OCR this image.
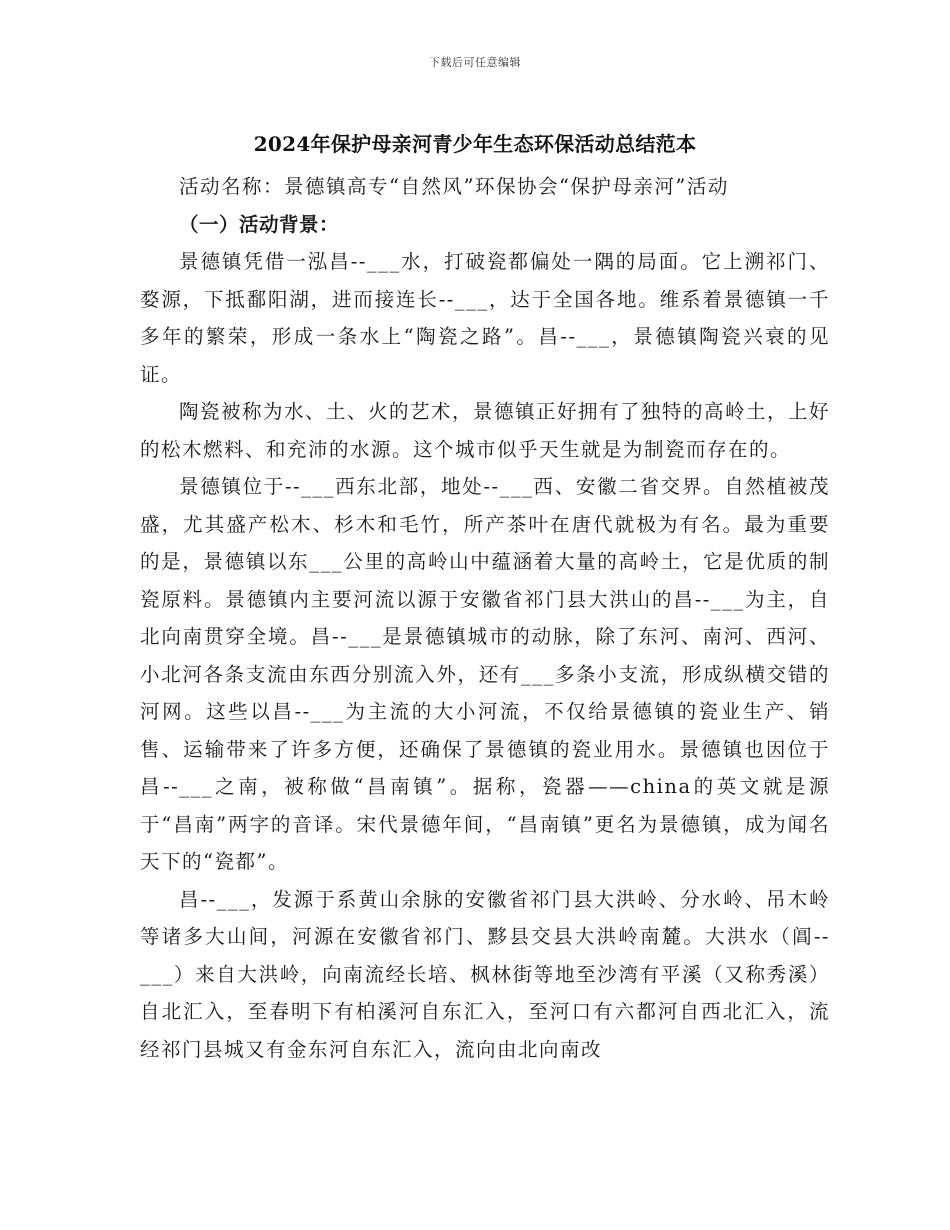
下载后可任意编辑
2024年保护母亲河青少年生态环保活动总结范本

活动名称：景德镇高专“自然风”环保协会“保护母亲河”活动

（一）活动背景：

景德镇凭借一泓昌--___水，打破瓷都偏处一隅的局面。它上溯祁门、婺源，下抵鄱阳湖，进而接连长--___，达于全国各地。维系着景德镇一千多年的繁荣，形成一条水上“陶瓷之路”。昌--___，景德镇陶瓷兴衰的见证。

陶瓷被称为水、土、火的艺术，景德镇正好拥有了独特的高岭土，上好的松木燃料、和充沛的水源。这个城市似乎天生就是为制瓷而存在的。

景德镇位于--___西东北部，地处--___西、安徽二省交界。自然植被茂盛，尤其盛产松木、杉木和毛竹，所产茶叶在唐代就极为有名。最为重要的是，景德镇以东___公里的高岭山中蕴涵着大量的高岭土，它是优质的制瓷原料。景德镇内主要河流以源于安徽省祁门县大洪山的昌--___为主，自北向南贯穿全境。昌--___是景德镇城市的动脉，除了东河、南河、西河、小北河各条支流由东西分别流入外，还有___多条小支流，形成纵横交错的河网。这些以昌--___为主流的大小河流，不仅给景德镇的瓷业生产、销售、运输带来了许多方便，还确保了景德镇的瓷业用水。景德镇也因位于昌--___之南，被称做“昌南镇”。据称，瓷器——china的英文就是源于“昌南”两字的音译。宋代景德年间，“昌南镇”更名为景德镇，成为闻名天下的“瓷都”。

昌--___，发源于系黄山余脉的安徽省祁门县大洪岭、分水岭、吊木岭等诸多大山间，河源在安徽省祁门、黟县交县大洪岭南麓。大洪水（阊--___）来自大洪岭，向南流经长培、枫林街等地至沙湾有平溪（又称秀溪）自北汇入，至春明下有柏溪河自东汇入，至河口有六都河自西北汇入，流经祁门县城又有金东河自东汇入，流向由北向南改
